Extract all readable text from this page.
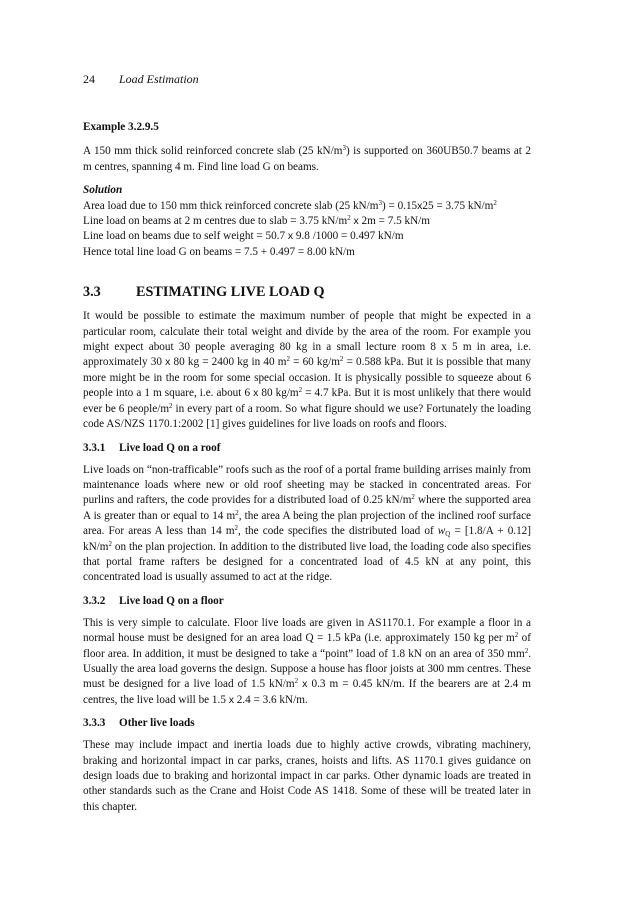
24 Load Estimation

Example 3.2.9.5

A 150 mm thick solid reinforced concrete slab (25 $kN/m^3$) is supported on 360UB50.7 beams at 2 m centres, spanning 4 m. Find line load G on beams.

Solution

Area load due to 150 mm thick reinforced concrete slab (25 $kN/m^3) = 0.15x25 = 3.75$ $kN/m^2$

Line load on beams at 2 m centres due to slab = 3.75 $kN/m^2$ x 2m = 7.5 kN/m

Line load on beams due to self weight = 50.7 x 9.8 /1000 = 0.497 kN/m

Hence total line load G on beams = 7.5 + 0.497 = 8.00 kN/m

3.3 ESTIMATING LIVE LOAD Q

It would be possible to estimate the maximum number of people that might be expected in a particular room, calculate their total weight and divide by the area of the room. For example you might expect about 30 people averaging 80 kg in a small lecture room 8 x 5 m in area, i.e. approximately 30 x 80 kg = 2400 kg in 40 $m^2 = 60$ $kg/m^2 = 0.588$ kPa. But it is possible that many more might be in the room for some special occasion. It is physically possible to squeeze about 6 people into a 1 m square, i.e. about 6 x 80 $kg/m^2 = 4.7$ kPa. But it is most unlikely that there would ever be 6 people/$m^2$ in every part of a room. So what figure should we use? Fortunately the loading code AS/NZS 1170.1:2002 [1] gives guidelines for live loads on roofs and floors.

3.3.1 Live load Q on a roof

Live loads on “non-trafficable” roofs such as the roof of a portal frame building arrises mainly from maintenance loads where new or old roof sheeting may be stacked in concentrated areas. For purlins and rafters, the code provides for a distributed load of 0.25 $kN/m^2$ where the supported area A is greater than or equal to 14 $m^2$, the area A being the plan projection of the inclined roof surface area. For areas A less than 14 $m^2$, the code specifies the distributed load of $w_Q = [1.8/A + 0.12]$ $kN/m^2$ on the plan projection. In addition to the distributed live load, the loading code also specifies that portal frame rafters be designed for a concentrated load of 4.5 kN at any point, this concentrated load is usually assumed to act at the ridge.

3.3.2 Live load Q on a floor

This is very simple to calculate. Floor live loads are given in AS1170.1. For example a floor in a normal house must be designed for an area load Q = 1.5 kPa (i.e. approximately 150 kg per $m^2$ of floor area. In addition, it must be designed to take a “point” load of 1.8 kN on an area of 350 $mm^2$. Usually the area load governs the design. Suppose a house has floor joists at 300 mm centres. These must be designed for a live load of 1.5 $kN/m^2$ x 0.3 m = 0.45 kN/m. If the bearers are at 2.4 m centres, the live load will be 1.5 x 2.4 = 3.6 kN/m.

3.3.3 Other live loads

These may include impact and inertia loads due to highly active crowds, vibrating machinery, braking and horizontal impact in car parks, cranes, hoists and lifts. AS 1170.1 gives guidance on design loads due to braking and horizontal impact in car parks. Other dynamic loads are treated in other standards such as the Crane and Hoist Code AS 1418. Some of these will be treated later in this chapter.
